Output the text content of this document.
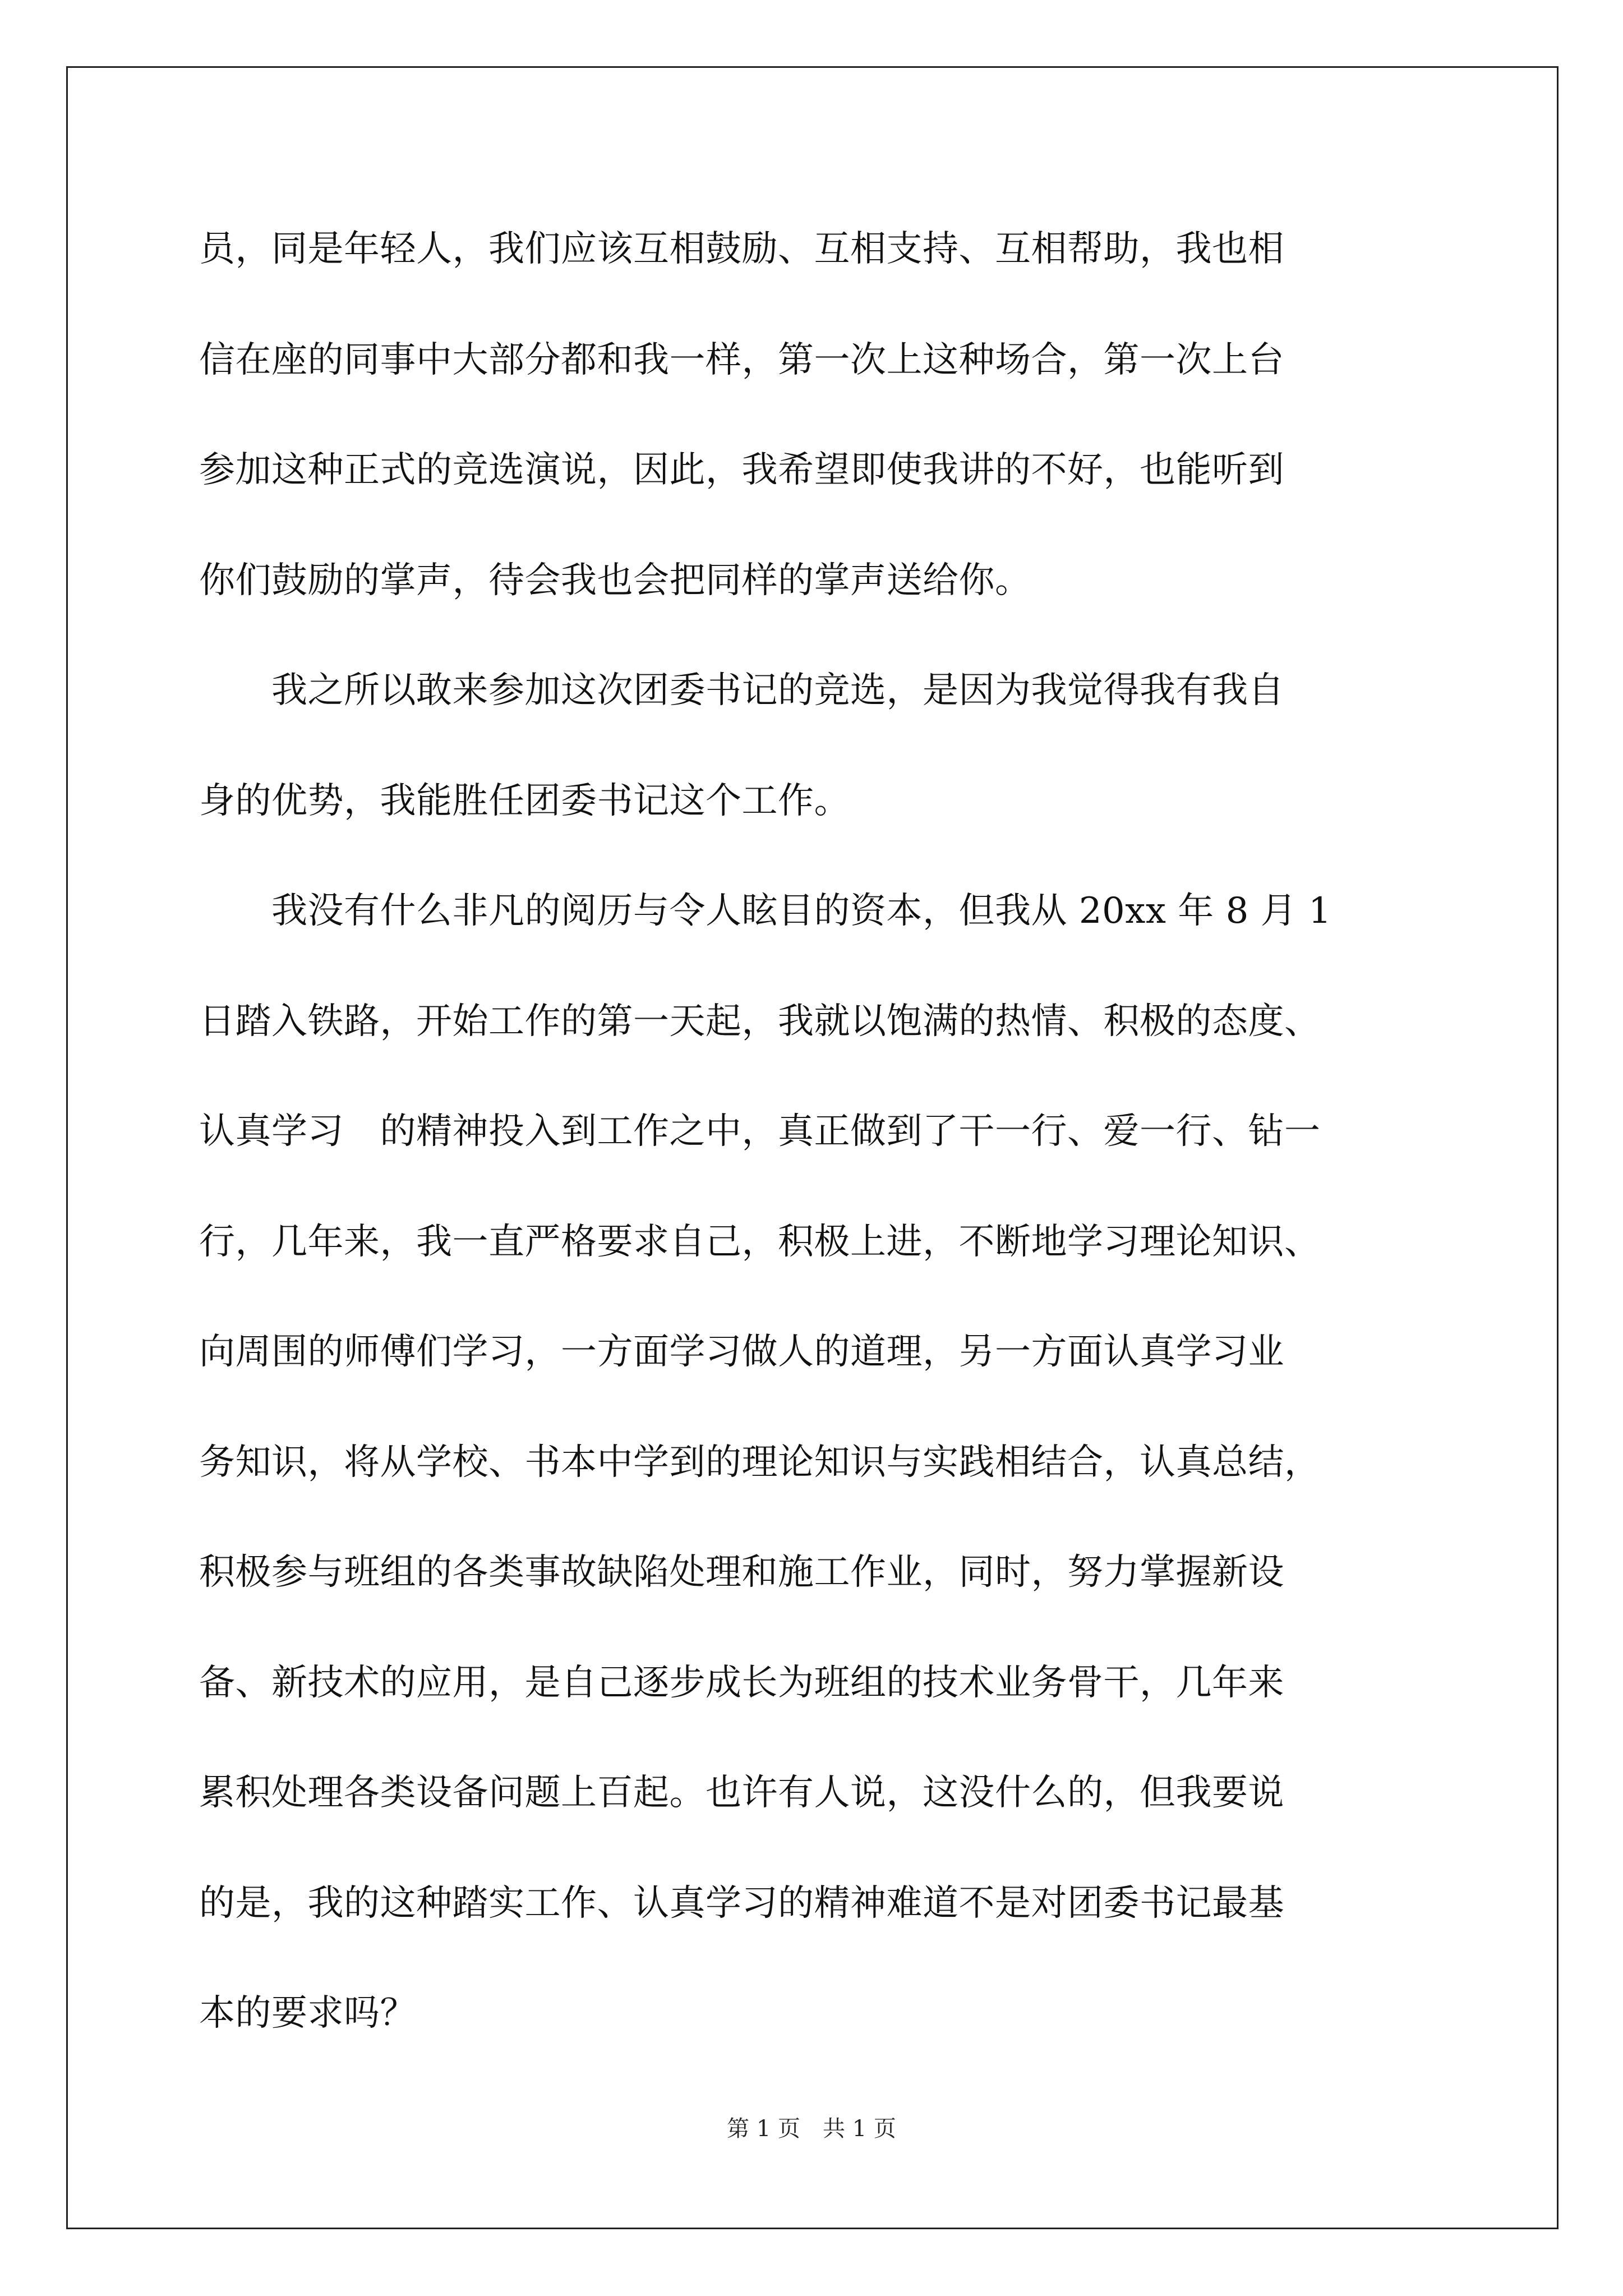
员，同是年轻人，我们应该互相鼓励、互相支持、互相帮助，我也相
信在座的同事中大部分都和我一样，第一次上这种场合，第一次上台
参加这种正式的竞选演说，因此，我希望即使我讲的不好，也能听到
你们鼓励的掌声，待会我也会把同样的掌声送给你。
　　我之所以敢来参加这次团委书记的竞选，是因为我觉得我有我自
身的优势，我能胜任团委书记这个工作。
　　我没有什么非凡的阅历与令人眩目的资本，但我从 20xx 年 8 月 1
日踏入铁路，开始工作的第一天起，我就以饱满的热情、积极的态度、
认真学习　的精神投入到工作之中，真正做到了干一行、爱一行、钻一
行，几年来，我一直严格要求自己，积极上进，不断地学习理论知识、
向周围的师傅们学习，一方面学习做人的道理，另一方面认真学习业
务知识，将从学校、书本中学到的理论知识与实践相结合，认真总结，
积极参与班组的各类事故缺陷处理和施工作业，同时，努力掌握新设
备、新技术的应用，是自己逐步成长为班组的技术业务骨干，几年来
累积处理各类设备问题上百起。也许有人说，这没什么的，但我要说
的是，我的这种踏实工作、认真学习的精神难道不是对团委书记最基
本的要求吗？
第 1 页　共 1 页
